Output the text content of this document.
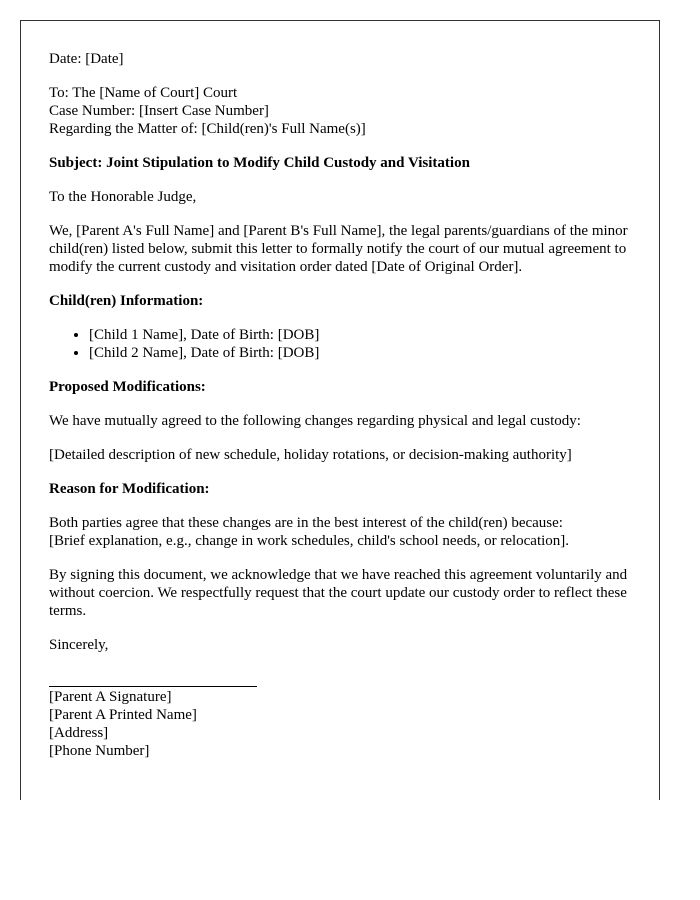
Date: [Date]

To: The [Name of Court] Court
Case Number: [Insert Case Number]
Regarding the Matter of: [Child(ren)'s Full Name(s)]

Subject: Joint Stipulation to Modify Child Custody and Visitation

To the Honorable Judge,

We, [Parent A's Full Name] and [Parent B's Full Name], the legal parents/guardians of the minor child(ren) listed below, submit this letter to formally notify the court of our mutual agreement to modify the current custody and visitation order dated [Date of Original Order].

Child(ren) Information:

• [Child 1 Name], Date of Birth: [DOB]
• [Child 2 Name], Date of Birth: [DOB]

Proposed Modifications:

We have mutually agreed to the following changes regarding physical and legal custody:

[Detailed description of new schedule, holiday rotations, or decision-making authority]

Reason for Modification:

Both parties agree that these changes are in the best interest of the child(ren) because:
[Brief explanation, e.g., change in work schedules, child's school needs, or relocation].

By signing this document, we acknowledge that we have reached this agreement voluntarily and without coercion. We respectfully request that the court update our custody order to reflect these terms.

Sincerely,

[Parent A Signature]
[Parent A Printed Name]
[Address]
[Phone Number]
